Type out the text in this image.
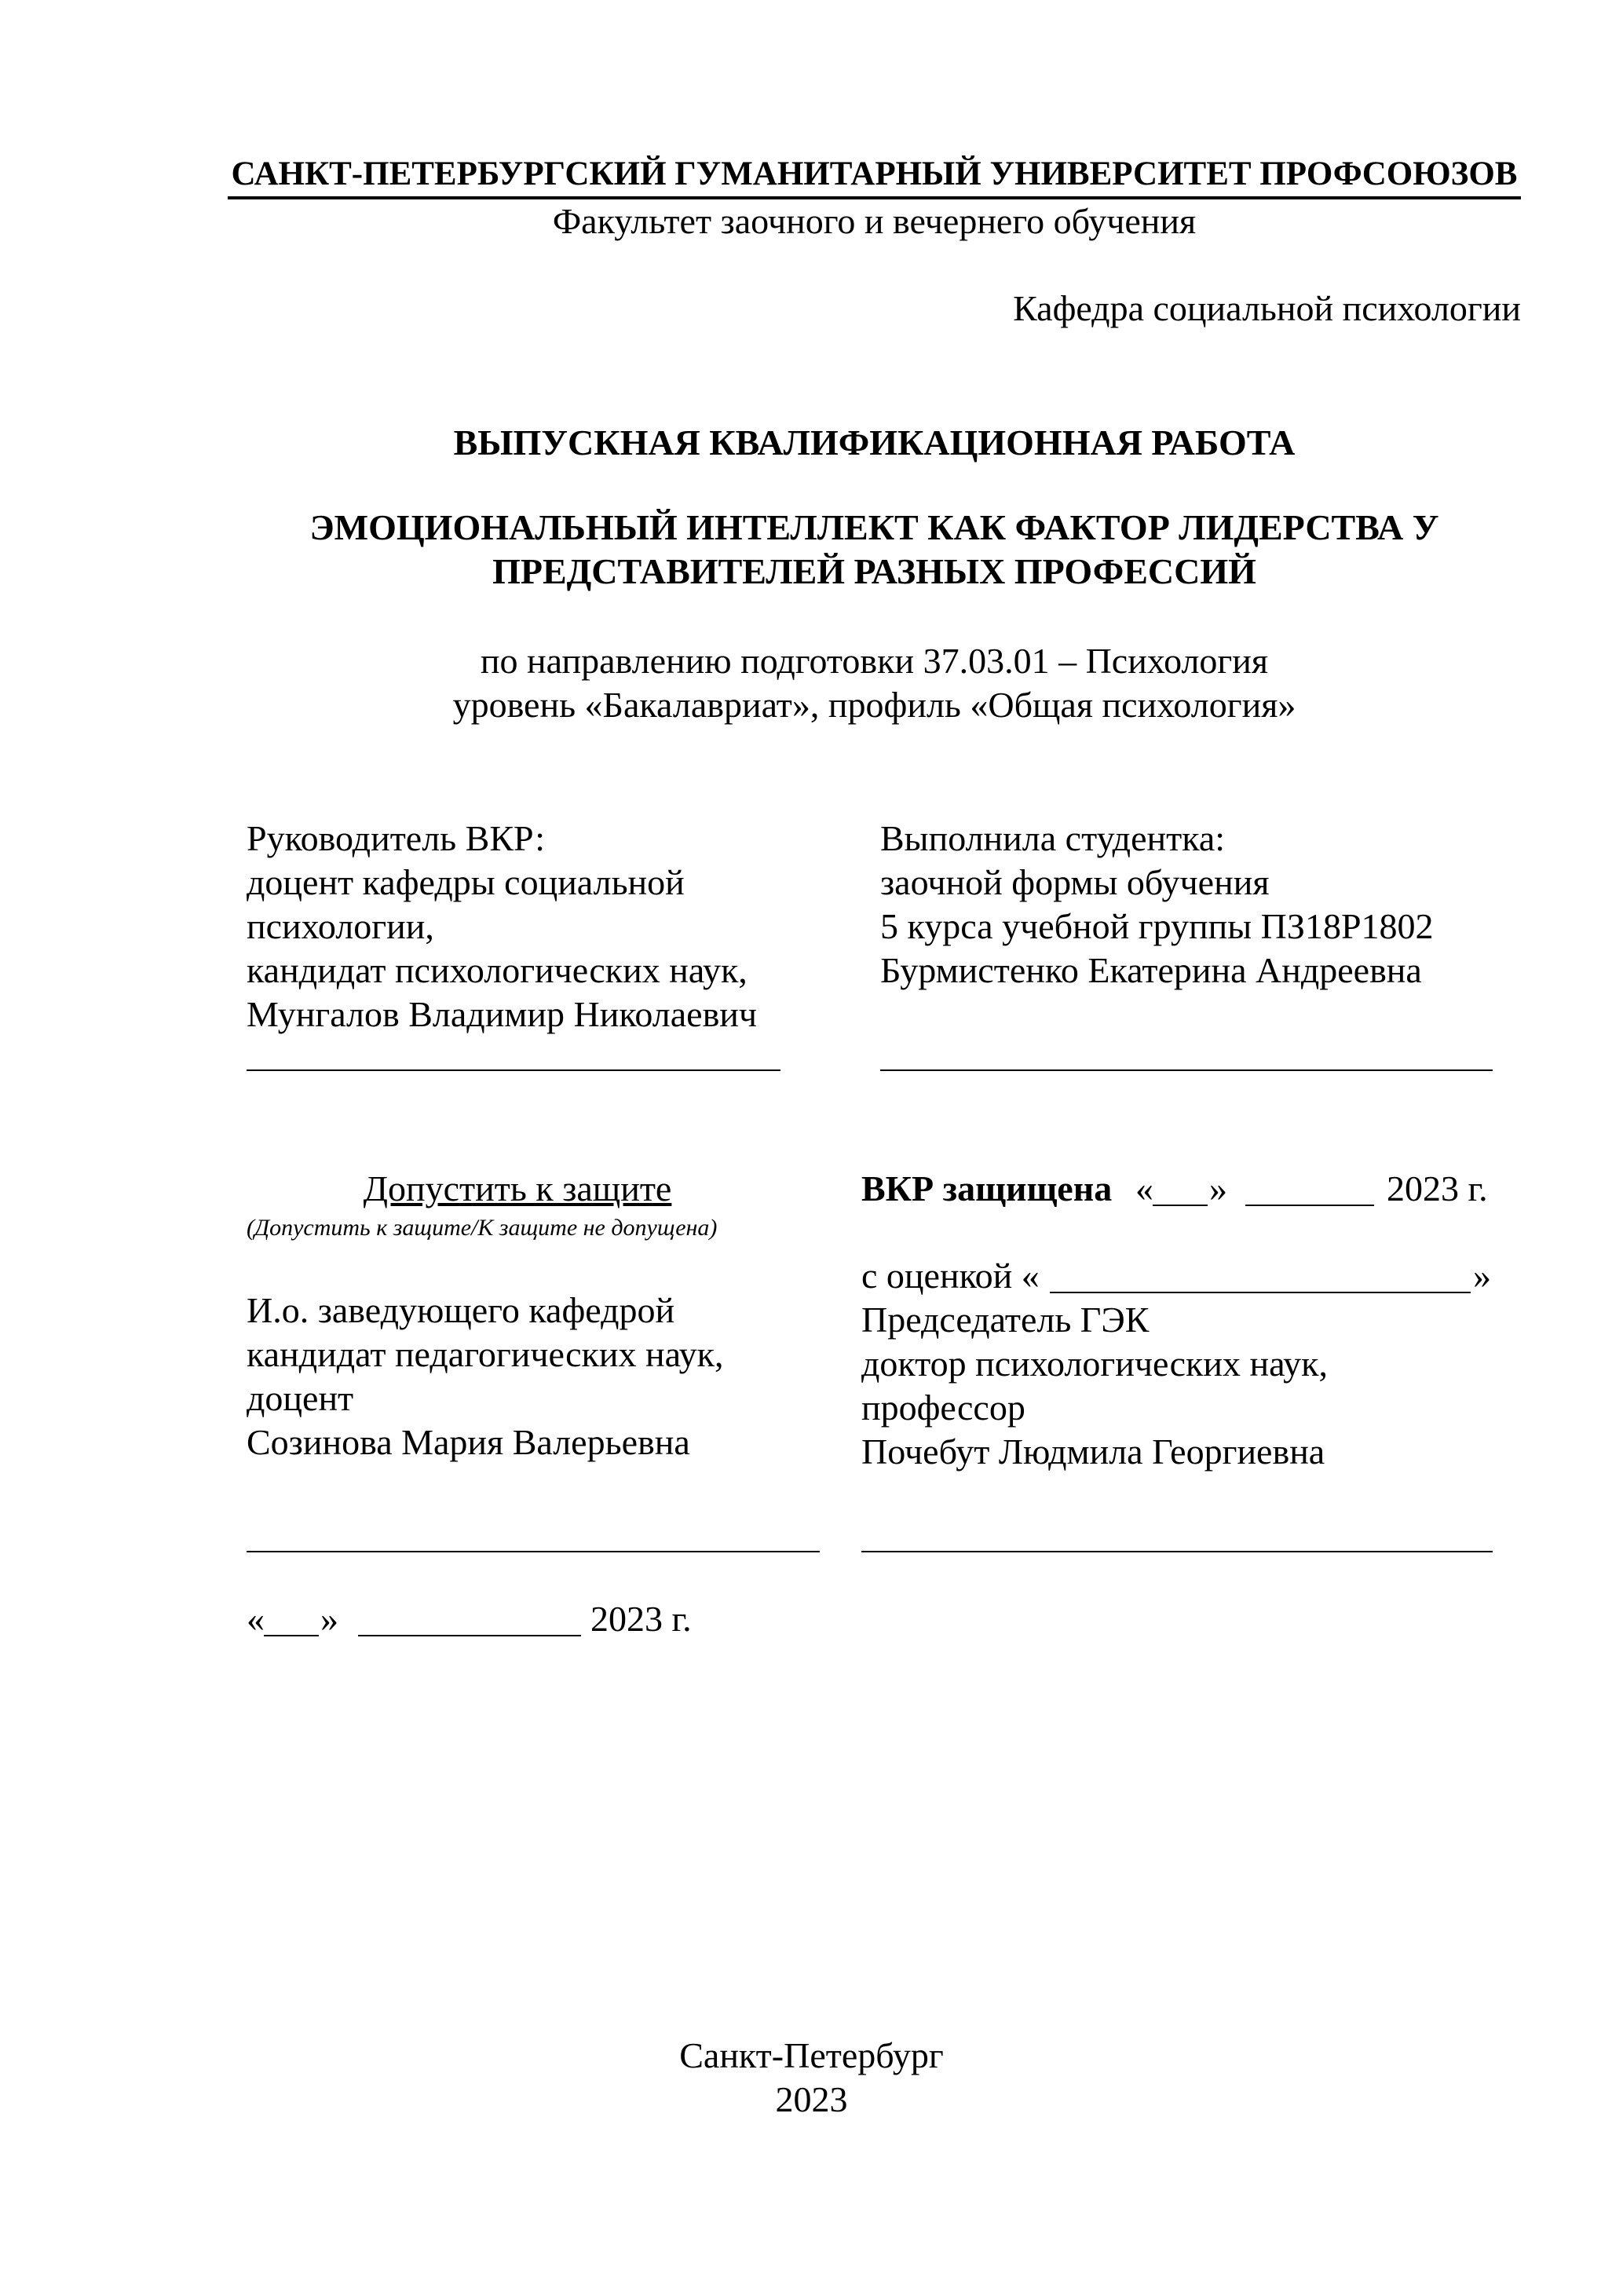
САНКТ-ПЕТЕРБУРГСКИЙ ГУМАНИТАРНЫЙ УНИВЕРСИТЕТ ПРОФСОЮЗОВ
Факультет заочного и вечернего обучения
Кафедра социальной психологии
ВЫПУСКНАЯ КВАЛИФИКАЦИОННАЯ РАБОТА
ЭМОЦИОНАЛЬНЫЙ ИНТЕЛЛЕКТ КАК ФАКТОР ЛИДЕРСТВА У
ПРЕДСТАВИТЕЛЕЙ РАЗНЫХ ПРОФЕССИЙ
по направлению подготовки 37.03.01 – Психология
уровень «Бакалавриат», профиль «Общая психология»
Руководитель ВКР:
доцент кафедры социальной
психологии,
кандидат психологических наук,
Мунгалов Владимир Николаевич
Выполнила студентка:
заочной формы обучения
5 курса учебной группы ПЗ18Р1802
Бурмистенко Екатерина Андреевна
Допустить к защите
(Допустить к защите/К защите не допущена)
И.о. заведующего кафедрой
кандидат педагогических наук,
доцент
Созинова Мария Валерьевна
« »	2023 г.
ВКР защищена « »	2023 г.
с оценкой «	»
Председатель ГЭК
доктор психологических наук,
профессор
Почебут Людмила Георгиевна
Санкт-Петербург
2023
